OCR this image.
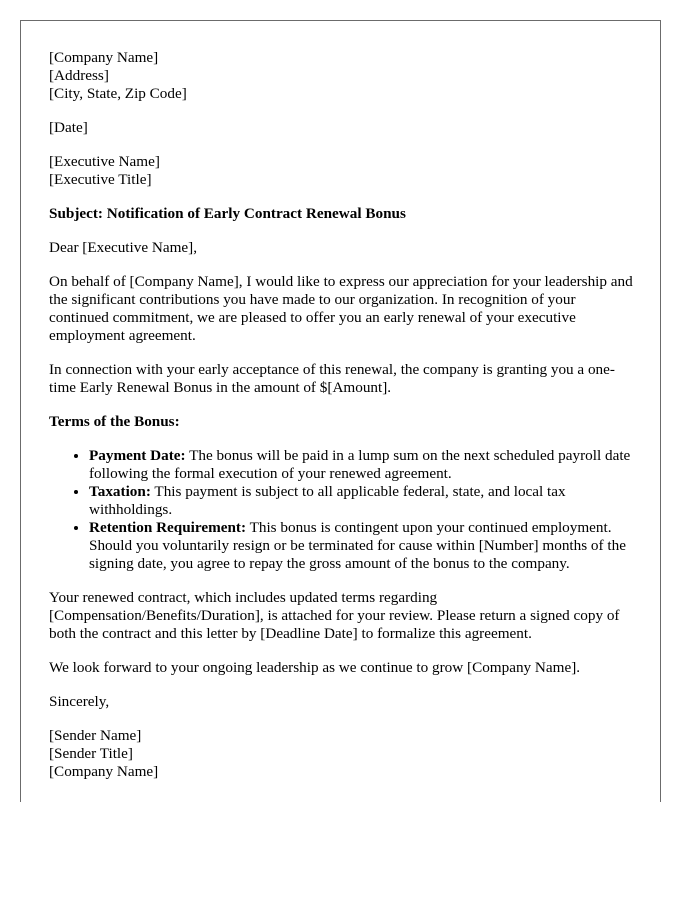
[Company Name]
[Address]
[City, State, Zip Code]

[Date]

[Executive Name]
[Executive Title]

Subject: Notification of Early Contract Renewal Bonus

Dear [Executive Name],

On behalf of [Company Name], I would like to express our appreciation for your leadership and the significant contributions you have made to our organization. In recognition of your continued commitment, we are pleased to offer you an early renewal of your executive employment agreement.

In connection with your early acceptance of this renewal, the company is granting you a one-time Early Renewal Bonus in the amount of $[Amount].

Terms of the Bonus:

• Payment Date: The bonus will be paid in a lump sum on the next scheduled payroll date following the formal execution of your renewed agreement.
• Taxation: This payment is subject to all applicable federal, state, and local tax withholdings.
• Retention Requirement: This bonus is contingent upon your continued employment. Should you voluntarily resign or be terminated for cause within [Number] months of the signing date, you agree to repay the gross amount of the bonus to the company.

Your renewed contract, which includes updated terms regarding [Compensation/Benefits/Duration], is attached for your review. Please return a signed copy of both the contract and this letter by [Deadline Date] to formalize this agreement.

We look forward to your ongoing leadership as we continue to grow [Company Name].

Sincerely,

[Sender Name]
[Sender Title]
[Company Name]
